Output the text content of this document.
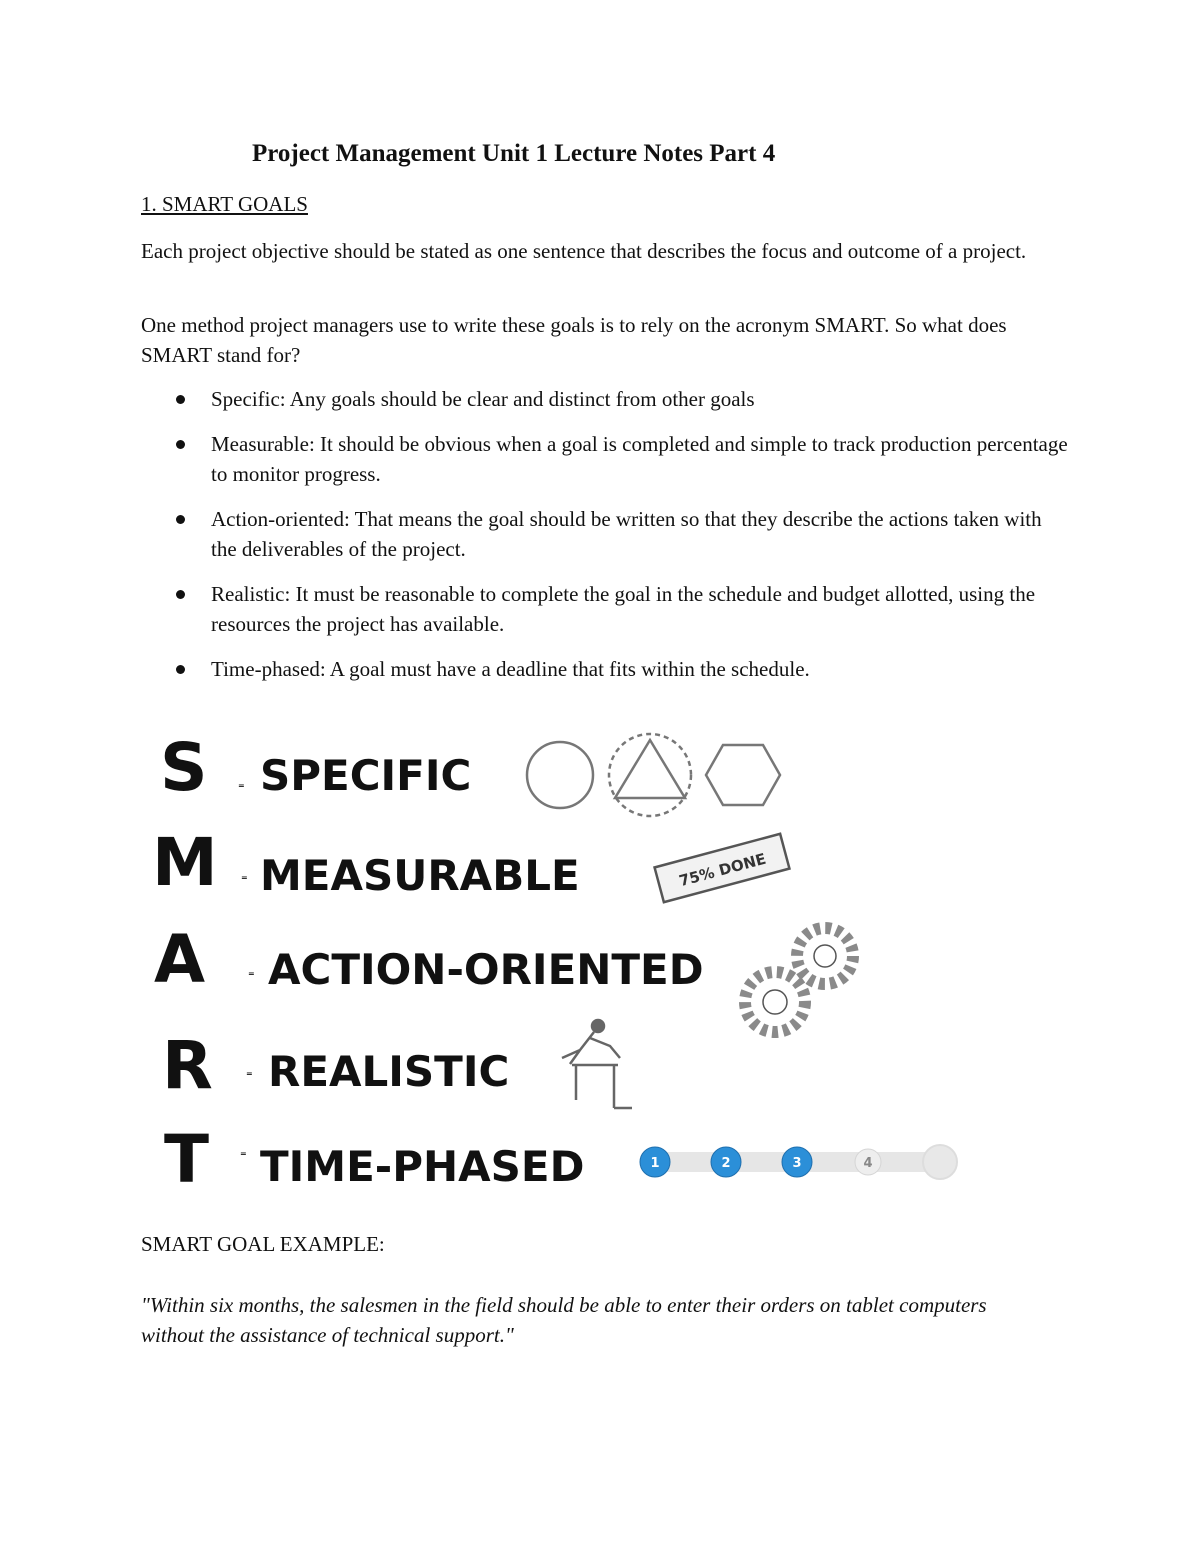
Project Management Unit 1 Lecture Notes Part 4
1. SMART GOALS
Each project objective should be stated as one sentence that describes the focus and outcome of a project.
One method project managers use to write these goals is to rely on the acronym SMART. So what does SMART stand for?
Specific: Any goals should be clear and distinct from other goals
Measurable: It should be obvious when a goal is completed and simple to track production percentage to monitor progress.
Action-oriented: That means the goal should be written so that they describe the actions taken with the deliverables of the project.
Realistic: It must be reasonable to complete the goal in the schedule and budget allotted, using the resources the project has available.
Time-phased: A goal must have a deadline that fits within the schedule.
S	= SPECIFIC
M	= MEASURABLE	75% DONE
A	= ACTION-ORIENTED
R	= REALISTIC
T	= TIME-PHASED	1	2	3	4
SMART GOAL EXAMPLE:
"Within six months, the salesmen in the field should be able to enter their orders on tablet computers without the assistance of technical support."
